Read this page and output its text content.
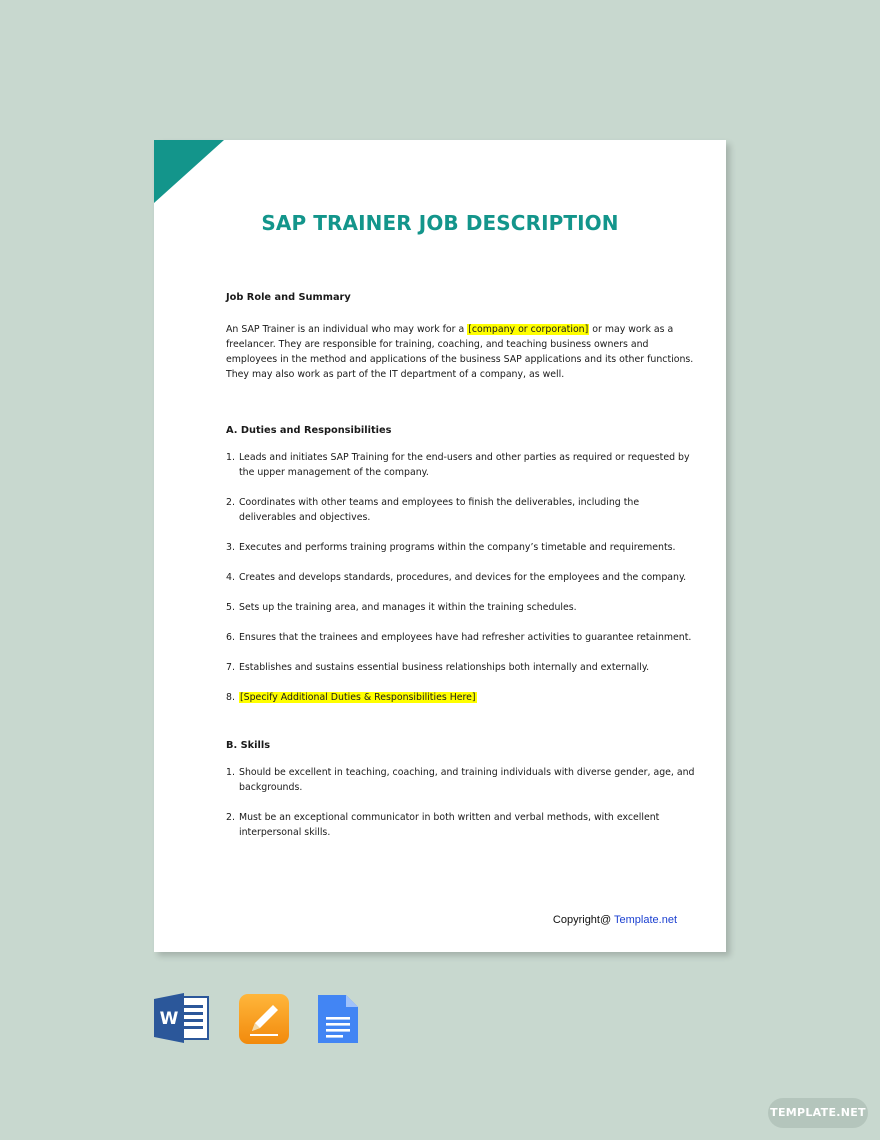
SAP TRAINER JOB DESCRIPTION

Job Role and Summary

An SAP Trainer is an individual who may work for a [company or corporation] or may work as a freelancer. They are responsible for training, coaching, and teaching business owners and employees in the method and applications of the business SAP applications and its other functions. They may also work as part of the IT department of a company, as well.

A. Duties and Responsibilities

1. Leads and initiates SAP Training for the end-users and other parties as required or requested by the upper management of the company.
2. Coordinates with other teams and employees to finish the deliverables, including the deliverables and objectives.
3. Executes and performs training programs within the company’s timetable and requirements.
4. Creates and develops standards, procedures, and devices for the employees and the company.
5. Sets up the training area, and manages it within the training schedules.
6. Ensures that the trainees and employees have had refresher activities to guarantee retainment.
7. Establishes and sustains essential business relationships both internally and externally.
8. [Specify Additional Duties & Responsibilities Here]

B. Skills

1. Should be excellent in teaching, coaching, and training individuals with diverse gender, age, and backgrounds.
2. Must be an exceptional communicator in both written and verbal methods, with excellent interpersonal skills.
Copyright@ Template.net
W
TEMPLATE.NET
